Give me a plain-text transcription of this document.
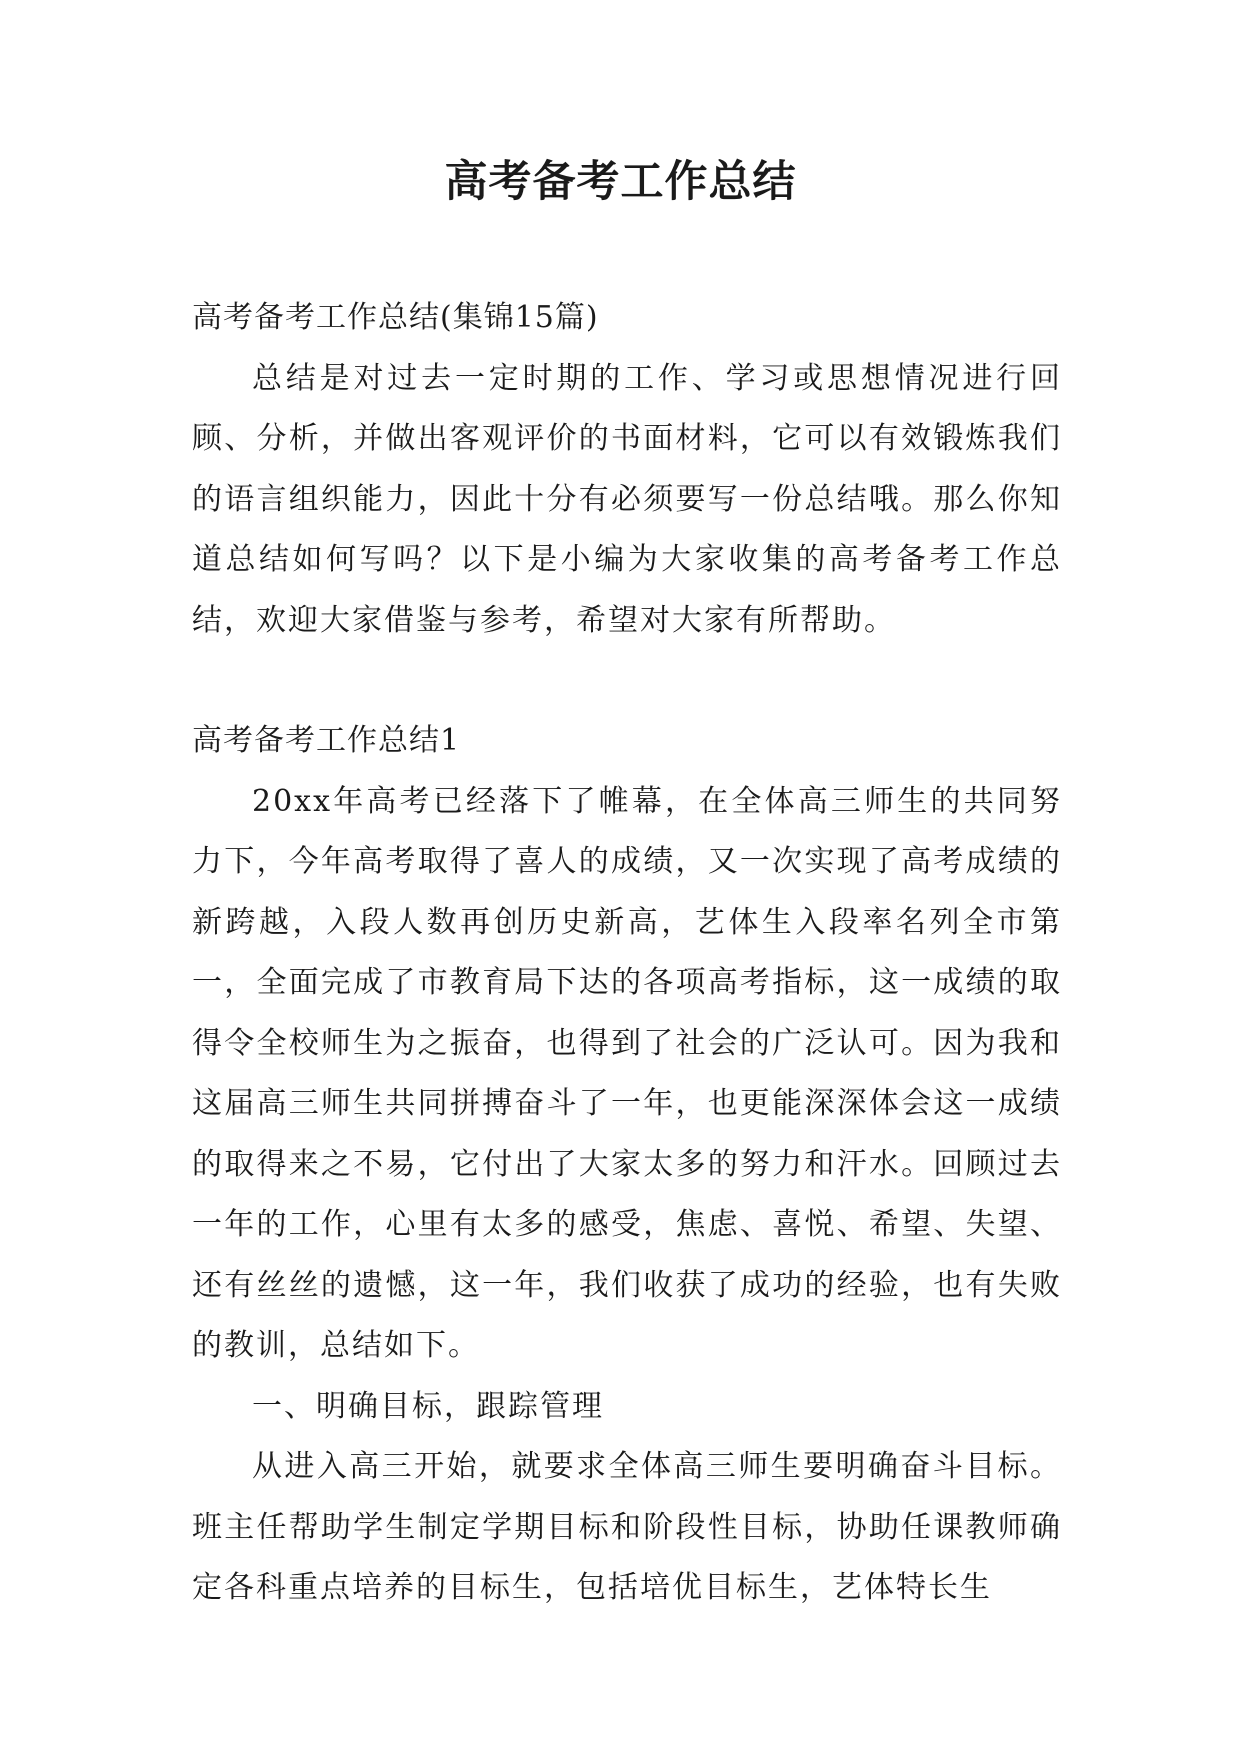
高考备考工作总结

高考备考工作总结(集锦15篇)

总结是对过去一定时期的工作、学习或思想情况进行回顾、分析，并做出客观评价的书面材料，它可以有效锻炼我们的语言组织能力，因此十分有必须要写一份总结哦。那么你知道总结如何写吗？以下是小编为大家收集的高考备考工作总结，欢迎大家借鉴与参考，希望对大家有所帮助。

高考备考工作总结1

20xx年高考已经落下了帷幕，在全体高三师生的共同努力下，今年高考取得了喜人的成绩，又一次实现了高考成绩的新跨越，入段人数再创历史新高，艺体生入段率名列全市第一，全面完成了市教育局下达的各项高考指标，这一成绩的取得令全校师生为之振奋，也得到了社会的广泛认可。因为我和这届高三师生共同拼搏奋斗了一年，也更能深深体会这一成绩的取得来之不易，它付出了大家太多的努力和汗水。回顾过去一年的工作，心里有太多的感受，焦虑、喜悦、希望、失望、还有丝丝的遗憾，这一年，我们收获了成功的经验，也有失败的教训，总结如下。

一、明确目标，跟踪管理

从进入高三开始，就要求全体高三师生要明确奋斗目标。班主任帮助学生制定学期目标和阶段性目标，协助任课教师确定各科重点培养的目标生，包括培优目标生，艺体特长生
